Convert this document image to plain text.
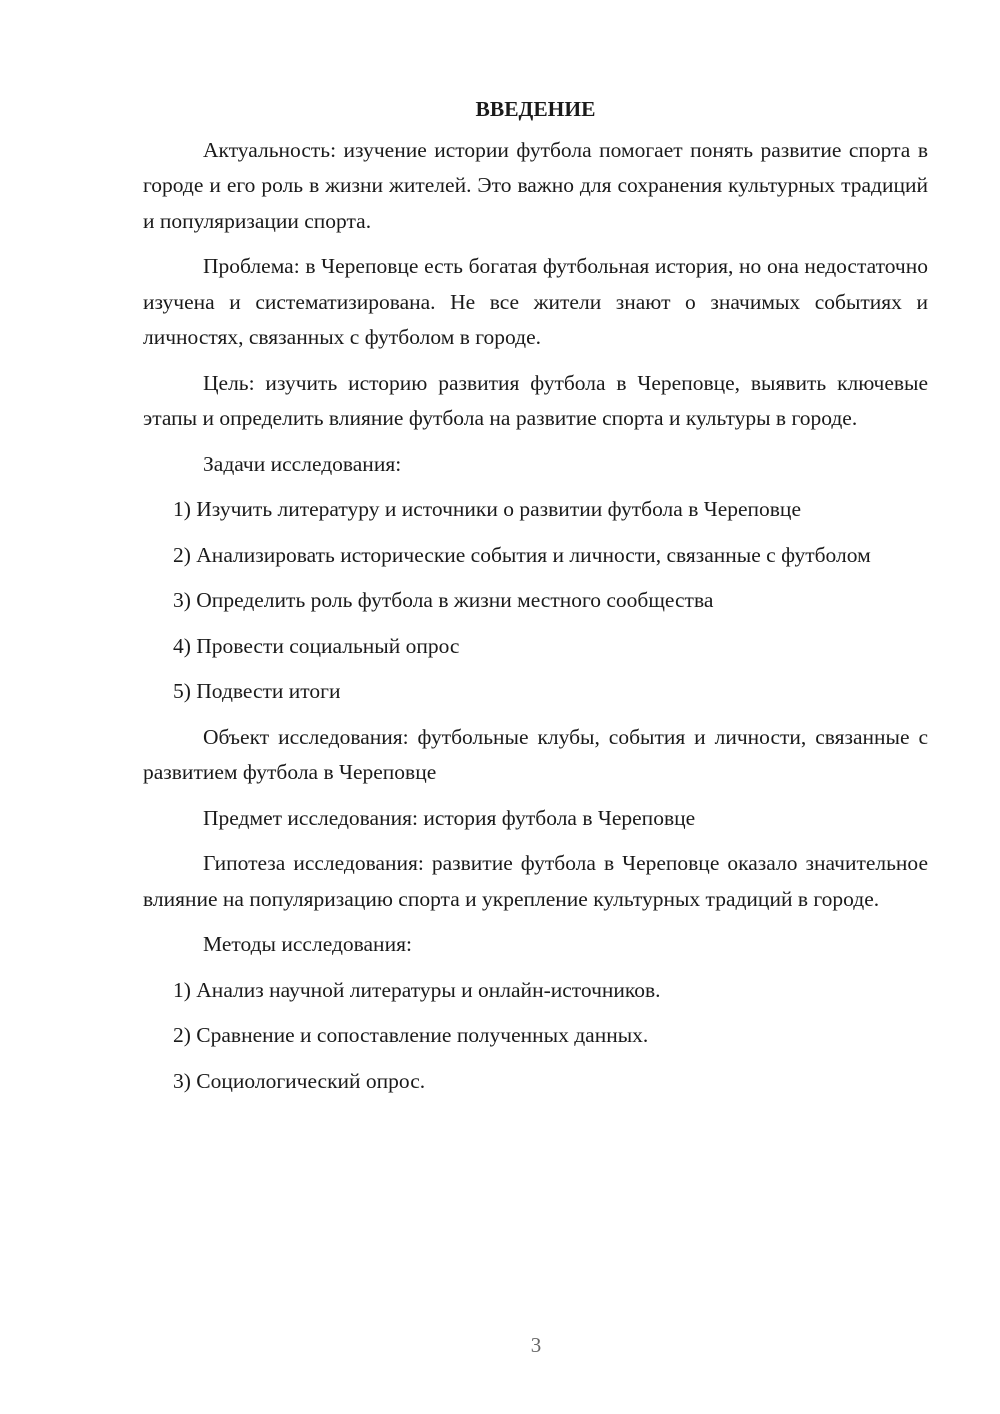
ВВЕДЕНИЕ

Актуальность: изучение истории футбола помогает понять развитие спорта в городе и его роль в жизни жителей. Это важно для сохранения культурных традиций и популяризации спорта.

Проблема: в Череповце есть богатая футбольная история, но она недостаточно изучена и систематизирована. Не все жители знают о значимых событиях и личностях, связанных с футболом в городе.

Цель: изучить историю развития футбола в Череповце, выявить ключевые этапы и определить влияние футбола на развитие спорта и культуры в городе.

Задачи исследования:

1) Изучить литературу и источники о развитии футбола в Череповце

2) Анализировать исторические события и личности, связанные с футболом

3) Определить роль футбола в жизни местного сообщества

4) Провести социальный опрос

5) Подвести итоги

Объект исследования: футбольные клубы, события и личности, связанные с развитием футбола в Череповце

Предмет исследования: история футбола в Череповце

Гипотеза исследования: развитие футбола в Череповце оказало значительное влияние на популяризацию спорта и укрепление культурных традиций в городе.

Методы исследования:

1) Анализ научной литературы и онлайн-источников.

2) Сравнение и сопоставление полученных данных.

3) Социологический опрос.

3
